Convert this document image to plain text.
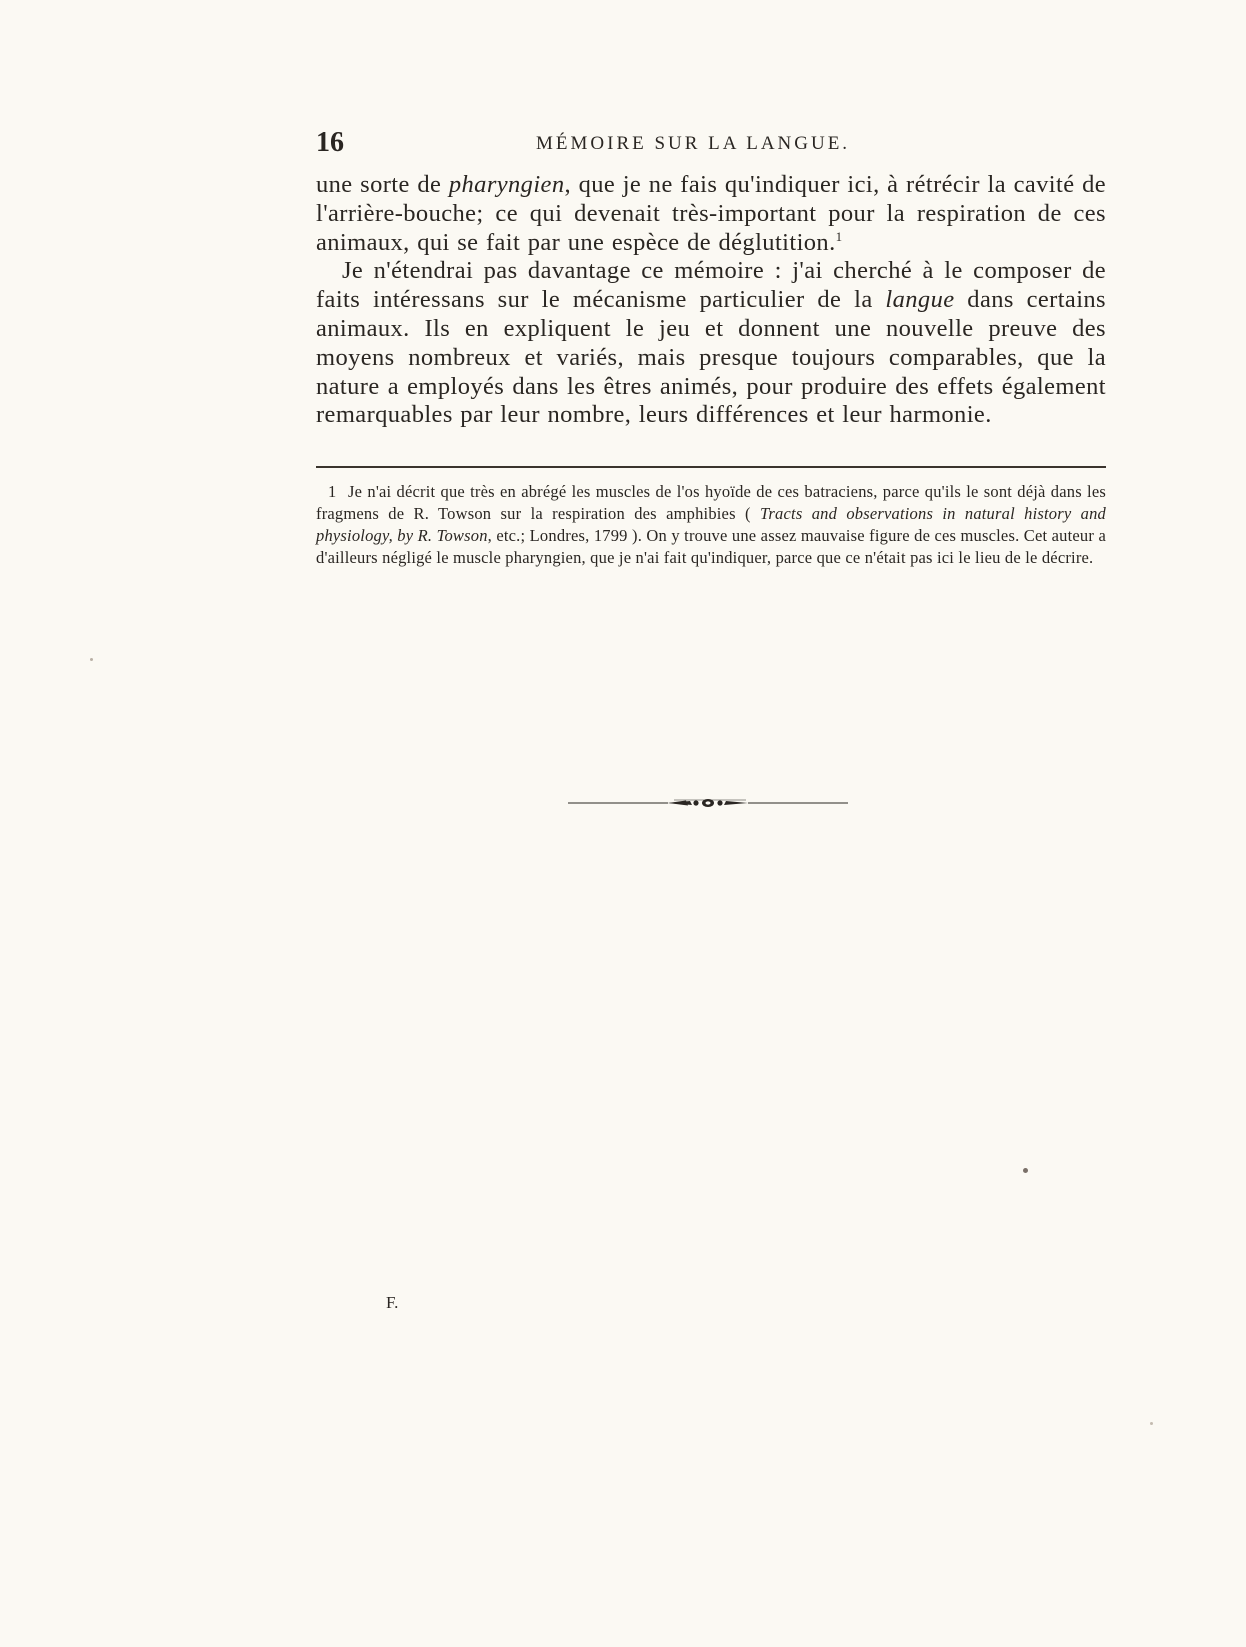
16	MÉMOIRE SUR LA LANGUE.

une sorte de pharyngien, que je ne fais qu'indiquer ici, à rétrécir la cavité de l'arrière-bouche; ce qui devenait très-important pour la respiration de ces animaux, qui se fait par une espèce de déglutition.$^1$

Je n'étendrai pas davantage ce mémoire : j'ai cherché à le composer de faits intéressans sur le mécanisme particulier de la langue dans certains animaux. Ils en expliquent le jeu et donnent une nouvelle preuve des moyens nombreux et variés, mais presque toujours comparables, que la nature a employés dans les êtres animés, pour produire des effets également remarquables par leur nombre, leurs différences et leur harmonie.

1 Je n'ai décrit que très en abrégé les muscles de l'os hyoïde de ces batraciens, parce qu'ils le sont déjà dans les fragmens de R. Towson sur la respiration des amphibies ( Tracts and observations in natural history and physiology, by R. Towson, etc.; Londres, 1799 ). On y trouve une assez mauvaise figure de ces muscles. Cet auteur a d'ailleurs négligé le muscle pharyngien, que je n'ai fait qu'indiquer, parce que ce n'était pas ici le lieu de le décrire.

F.
